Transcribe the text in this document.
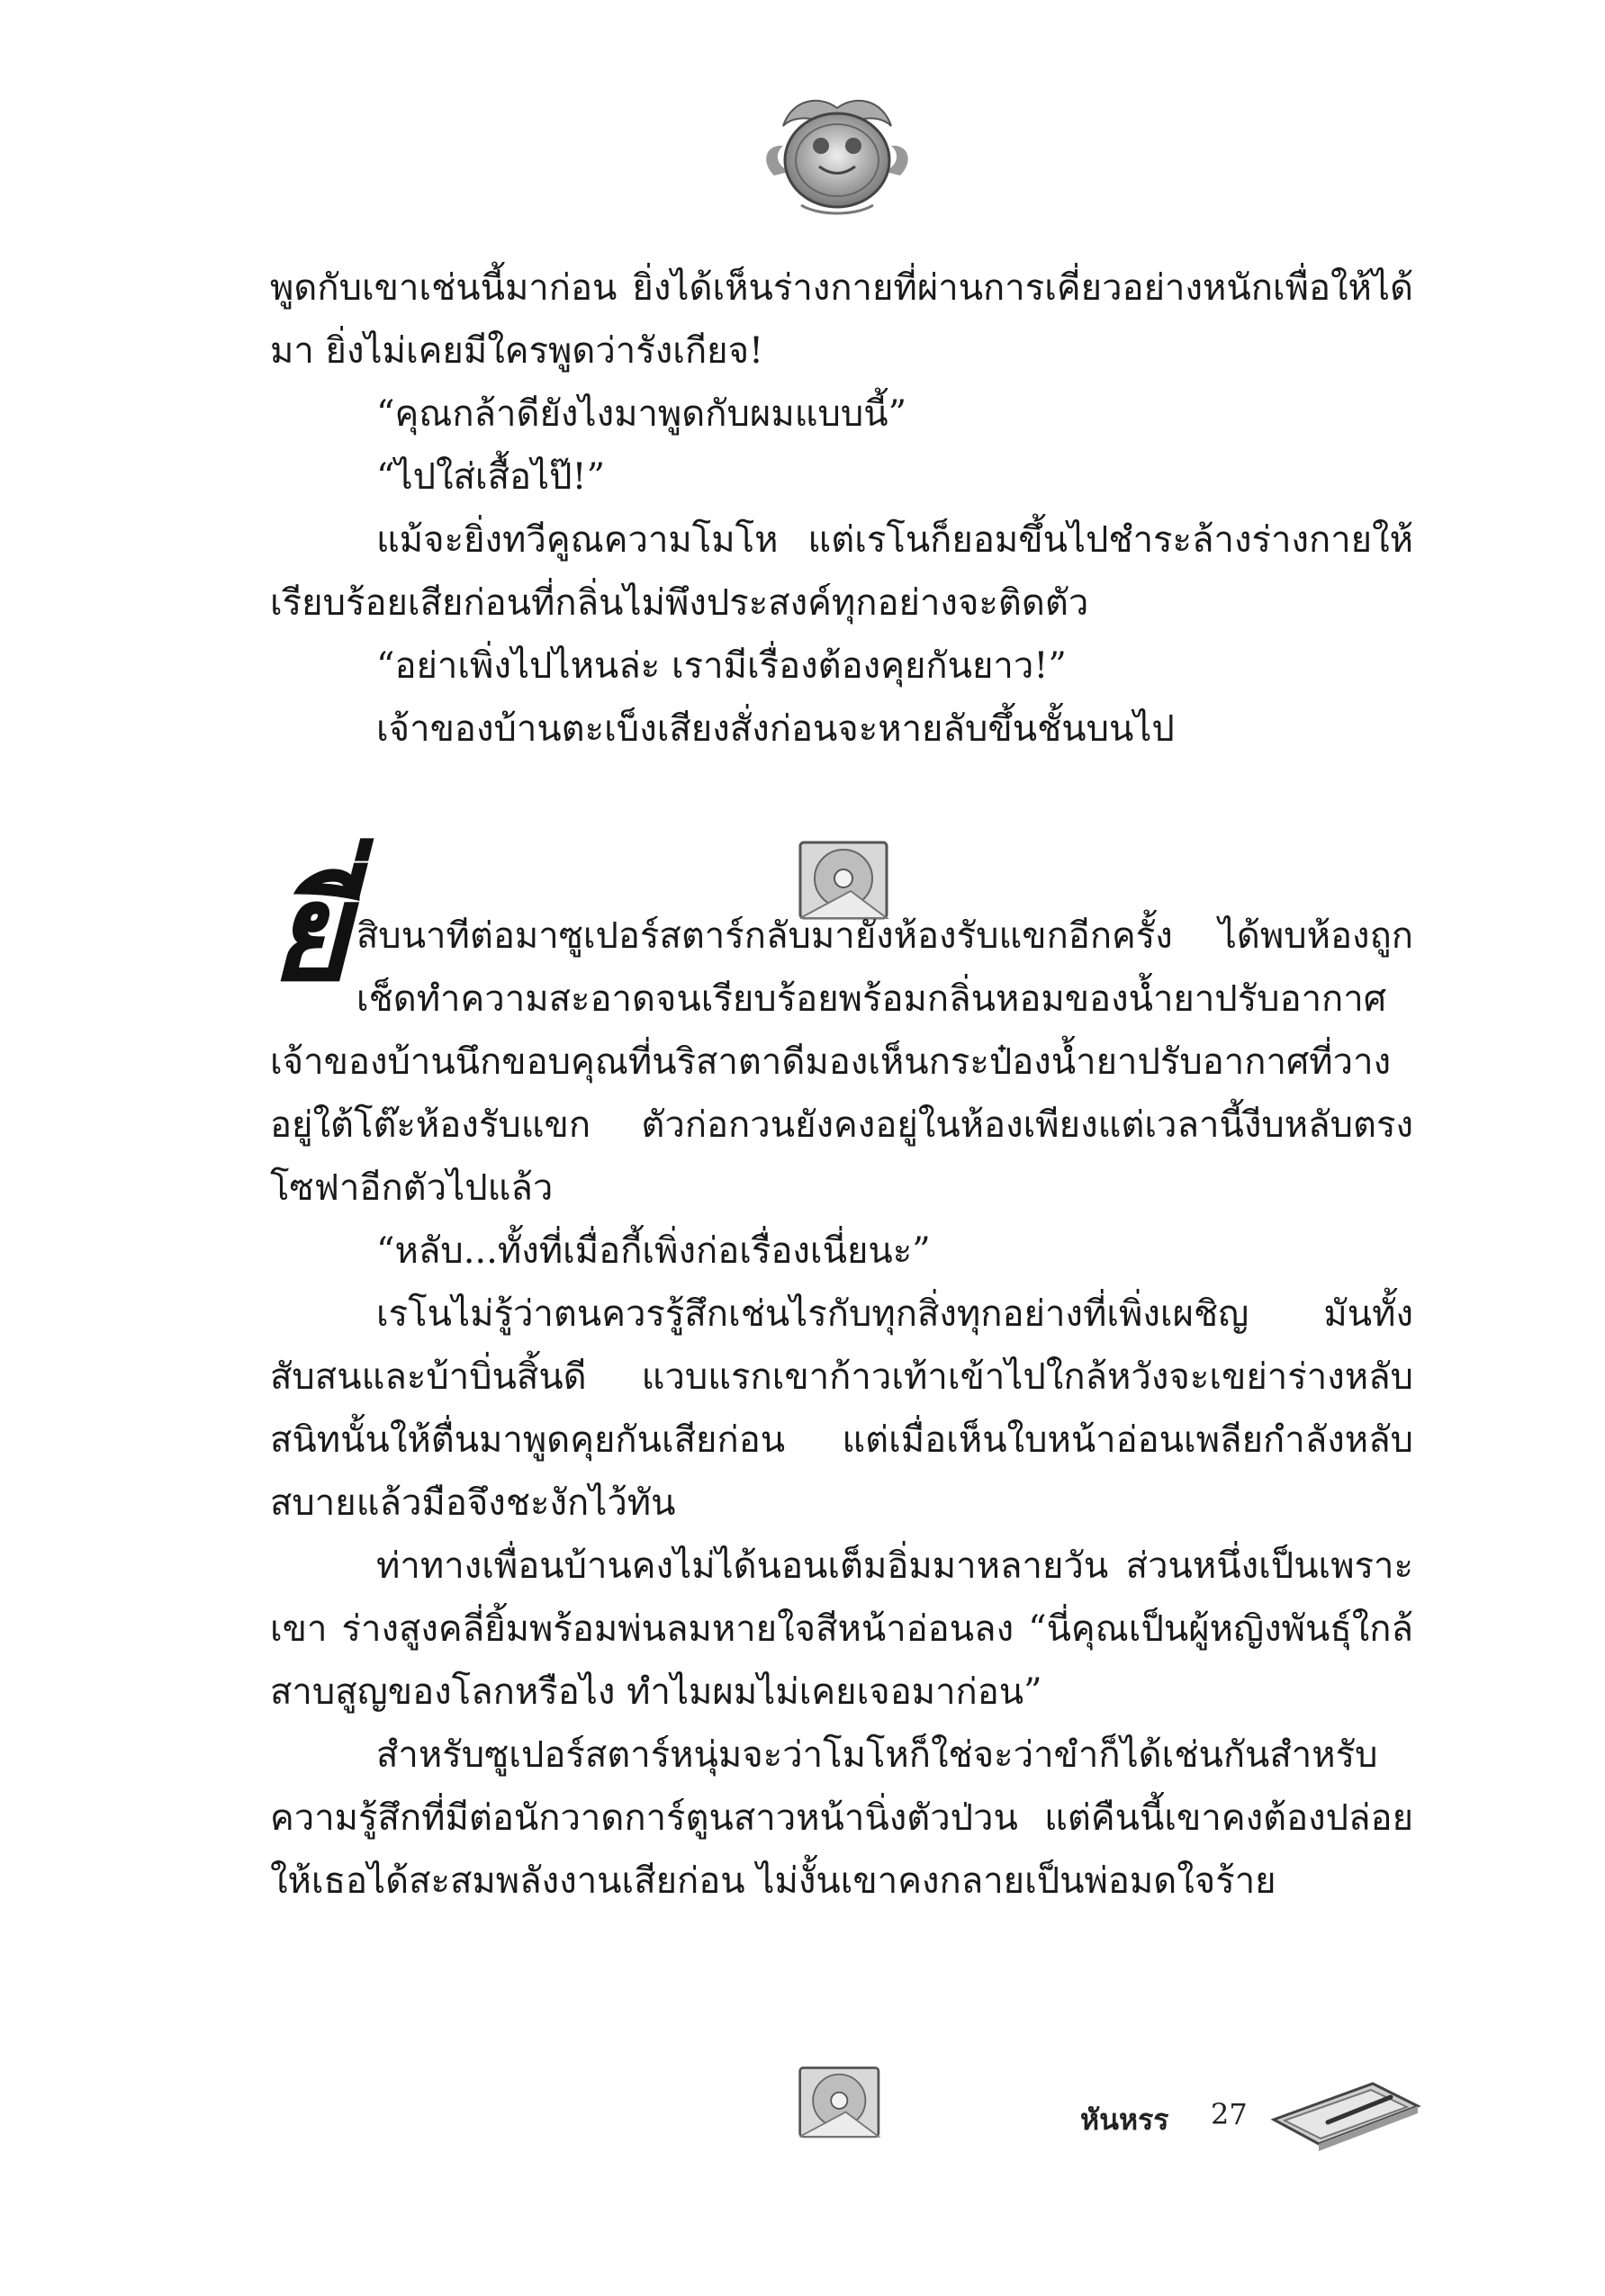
พูดกับเขาเช่นนี้มาก่อน ยิ่งได้เห็นร่างกายที่ผ่านการเคี่ยวอย่างหนักเพื่อให้ได้มา ยิ่งไม่เคยมีใครพูดว่ารังเกียจ!

“คุณกล้าดียังไงมาพูดกับผมแบบนี้”

“ไปใส่เสื้อไป๊!”

แม้จะยิ่งทวีคูณความโมโห แต่เรโนก็ยอมขึ้นไปชำระล้างร่างกายให้เรียบร้อยเสียก่อนที่กลิ่นไม่พึงประสงค์ทุกอย่างจะติดตัว

“อย่าเพิ่งไปไหนล่ะ เรามีเรื่องต้องคุยกันยาว!”

เจ้าของบ้านตะเบ็งเสียงสั่งก่อนจะหายลับขึ้นชั้นบนไป

ยี่สิบนาทีต่อมาซูเปอร์สตาร์กลับมายังห้องรับแขกอีกครั้ง ได้พบห้องถูกเช็ดทำความสะอาดจนเรียบร้อยพร้อมกลิ่นหอมของน้ำยาปรับอากาศ เจ้าของบ้านนึกขอบคุณที่นริสาตาดีมองเห็นกระป๋องน้ำยาปรับอากาศที่วางอยู่ใต้โต๊ะห้องรับแขก ตัวก่อกวนยังคงอยู่ในห้องเพียงแต่เวลานี้งีบหลับตรงโซฟาอีกตัวไปแล้ว

“หลับ...ทั้งที่เมื่อกี้เพิ่งก่อเรื่องเนี่ยนะ”

เรโนไม่รู้ว่าตนควรรู้สึกเช่นไรกับทุกสิ่งทุกอย่างที่เพิ่งเผชิญ มันทั้งสับสนและบ้าบิ่นสิ้นดี แวบแรกเขาก้าวเท้าเข้าไปใกล้หวังจะเขย่าร่างหลับสนิทนั้นให้ตื่นมาพูดคุยกันเสียก่อน แต่เมื่อเห็นใบหน้าอ่อนเพลียกำลังหลับสบายแล้วมือจึงชะงักไว้ทัน

ท่าทางเพื่อนบ้านคงไม่ได้นอนเต็มอิ่มมาหลายวัน ส่วนหนึ่งเป็นเพราะเขา ร่างสูงคลี่ยิ้มพร้อมพ่นลมหายใจสีหน้าอ่อนลง “นี่คุณเป็นผู้หญิงพันธุ์ใกล้สาบสูญของโลกหรือไง ทำไมผมไม่เคยเจอมาก่อน”

สำหรับซูเปอร์สตาร์หนุ่มจะว่าโมโหก็ใช่จะว่าขำก็ได้เช่นกันสำหรับความรู้สึกที่มีต่อนักวาดการ์ตูนสาวหน้านิ่งตัวป่วน แต่คืนนี้เขาคงต้องปล่อยให้เธอได้สะสมพลังงานเสียก่อน ไม่งั้นเขาคงกลายเป็นพ่อมดใจร้าย

หันหรร 27
